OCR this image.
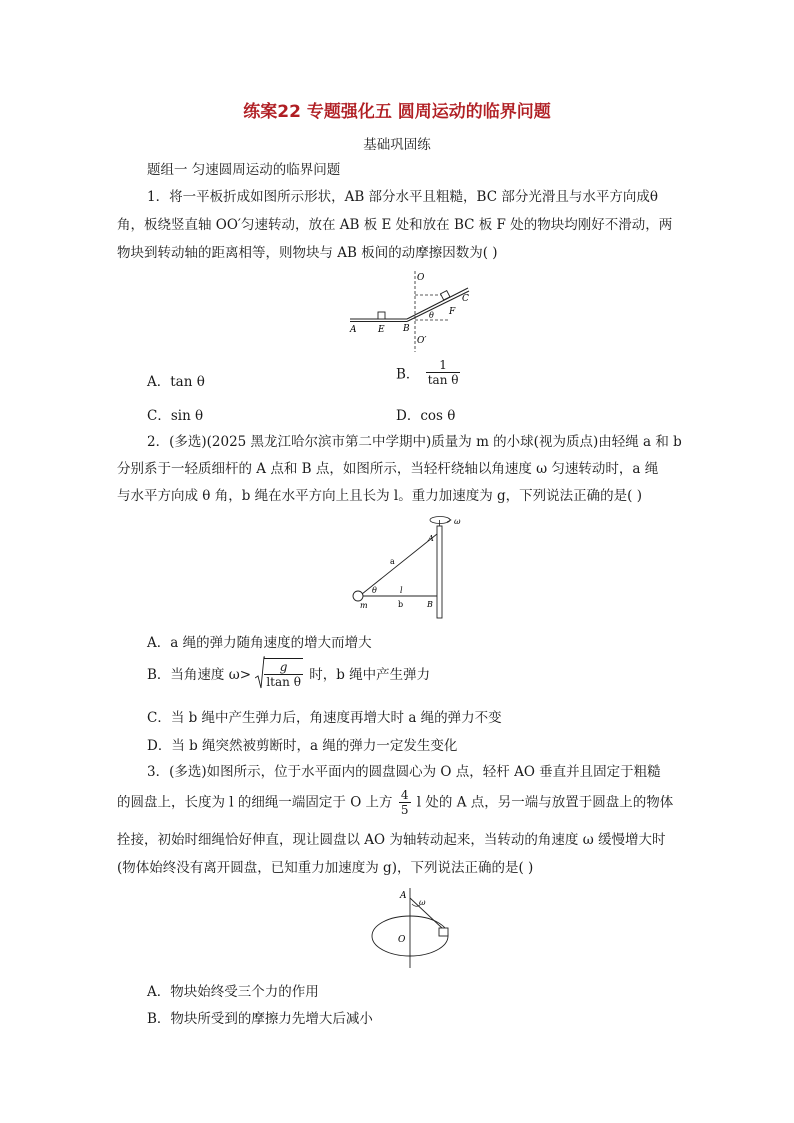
练案22 专题强化五 圆周运动的临界问题
基础巩固练
题组一 匀速圆周运动的临界问题
1．将一平板折成如图所示形状，AB 部分水平且粗糙，BC 部分光滑且与水平方向成θ
角，板绕竖直轴 OO′匀速转动，放在 AB 板 E 处和放在 BC 板 F 处的物块均刚好不滑动，两
物块到转动轴的距离相等，则物块与 AB 板间的动摩擦因数为( )
O
O′
A E B
C
F
θ
A．tan θ	B． $\frac{1}{\text{tan θ}}$
C．sin θ	D．cos θ
2．(多选)(2025 黑龙江哈尔滨市第二中学期中)质量为 m 的小球(视为质点)由轻绳 a 和 b
分别系于一轻质细杆的 A 点和 B 点，如图所示，当轻杆绕轴以角速度 ω 匀速转动时，a 绳
与水平方向成 θ 角，b 绳在水平方向上且长为 l。重力加速度为 g，下列说法正确的是( )
ω
A
a
θ	l
m	b	B
A．a 绳的弹力随角速度的增大而增大
B．当角速度 $\omega> \frac{g}{\text{ltan θ}}$ 时，b 绳中产生弹力
C．当 b 绳中产生弹力后，角速度再增大时 a 绳的弹力不变
D．当 b 绳突然被剪断时，a 绳的弹力一定发生变化
3．(多选)如图所示，位于水平面内的圆盘圆心为 O 点，轻杆 AO 垂直并且固定于粗糙
的圆盘上，长度为 l 的细绳一端固定于 O 上方 $\frac{4}{5}$ l 处的 A 点，另一端与放置于圆盘上的物体
拴接，初始时细绳恰好伸直，现让圆盘以 AO 为轴转动起来，当转动的角速度 ω 缓慢增大时
(物体始终没有离开圆盘，已知重力加速度为 g)，下列说法正确的是( )
A
ω
O
A．物块始终受三个力的作用
B．物块所受到的摩擦力先增大后减小
